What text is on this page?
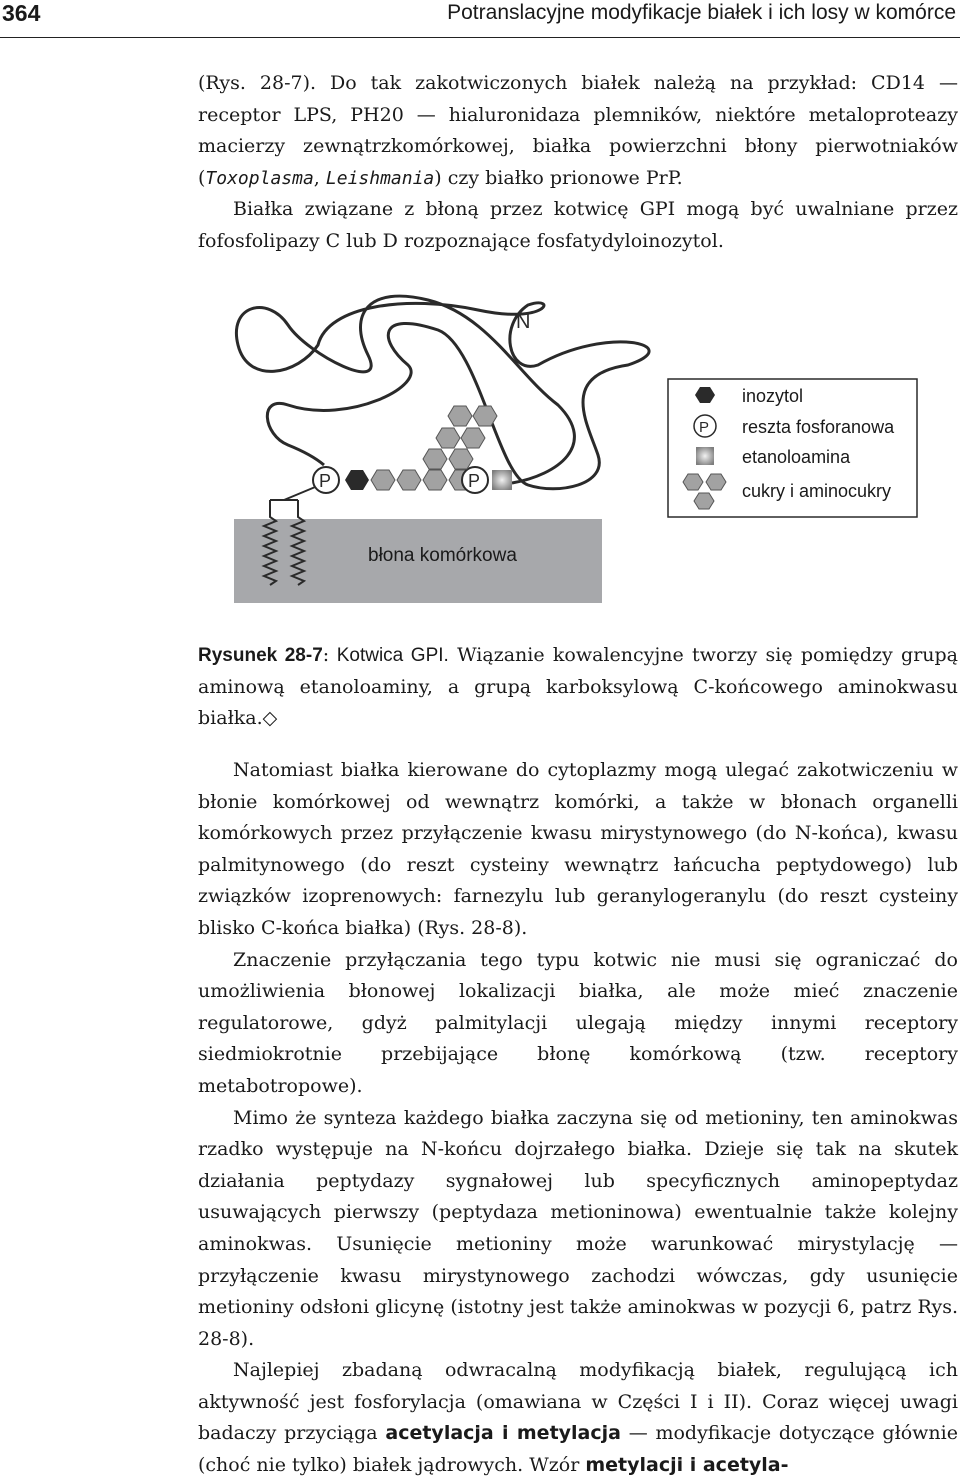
364	Potranslacyjne modyfikacje białek i ich losy w komórce

(Rys. 28-7). Do tak zakotwiczonych białek należą na przykład: CD14 — receptor LPS, PH20 — hialuronidaza plemników, niektóre metaloproteazy macierzy zewnątrzkomórkowej, białka powierzchni błony pierwotniaków (Toxoplasma, Leishmania) czy białko prionowe PrP.

Białka związane z błoną przez kotwicę GPI mogą być uwalniane przez fofosfolipazy C lub D rozpoznające fosfatydyloinozytol.

N
błona komórkowa
P	P
inozytol
P reszta fosforanowa
etanoloamina
cukry i aminocukry

Rysunek 28-7: Kotwica GPI. Wiązanie kowalencyjne tworzy się pomiędzy grupą aminową etanoloaminy, a grupą karboksylową C-końcowego aminokwasu białka.◇

Natomiast białka kierowane do cytoplazmy mogą ulegać zakotwiczeniu w błonie komórkowej od wewnątrz komórki, a także w błonach organelli komórkowych przez przyłączenie kwasu mirystynowego (do N-końca), kwasu palmitynowego (do reszt cysteiny wewnątrz łańcucha peptydowego) lub związków izoprenowych: farnezylu lub geranylogeranylu (do reszt cysteiny blisko C-końca białka) (Rys. 28-8).

Znaczenie przyłączania tego typu kotwic nie musi się ograniczać do umożliwienia błonowej lokalizacji białka, ale może mieć znaczenie regulatorowe, gdyż palmitylacji ulegają między innymi receptory siedmiokrotnie przebijające błonę komórkową (tzw. receptory metabotropowe).

Mimo że synteza każdego białka zaczyna się od metioniny, ten aminokwas rzadko występuje na N-końcu dojrzałego białka. Dzieje się tak na skutek działania peptydazy sygnałowej lub specyficznych aminopeptydaz usuwających pierwszy (peptydaza metioninowa) ewentualnie także kolejny aminokwas. Usunięcie metioniny może warunkować mirystylację — przyłączenie kwasu mirystynowego zachodzi wówczas, gdy usunięcie metioniny odsłoni glicynę (istotny jest także aminokwas w pozycji 6, patrz Rys. 28-8).

Najlepiej zbadaną odwracalną modyfikacją białek, regulującą ich aktywność jest fosforylacja (omawiana w Części I i II). Coraz więcej uwagi badaczy przyciąga acetylacja i metylacja — modyfikacje dotyczące głównie (choć nie tylko) białek jądrowych. Wzór metylacji i acetyla-
